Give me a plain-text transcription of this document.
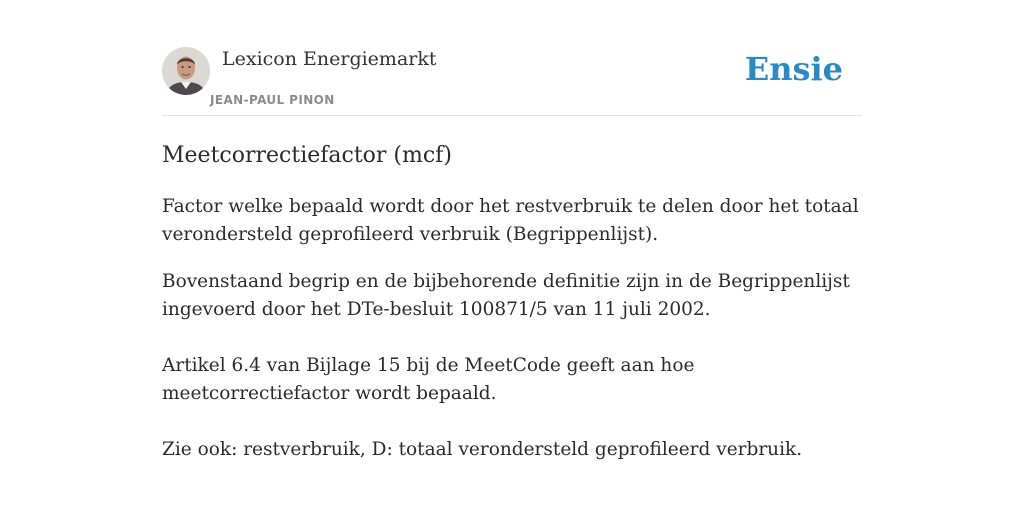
Lexicon Energiemarkt
JEAN-PAUL PINON
Ensie
Meetcorrectiefactor (mcf)

Factor welke bepaald wordt door het restverbruik te delen door het totaal verondersteld geprofileerd verbruik (Begrippenlijst).

Bovenstaand begrip en de bijbehorende definitie zijn in de Begrippenlijst ingevoerd door het DTe-besluit 100871/5 van 11 juli 2002.

Artikel 6.4 van Bijlage 15 bij de MeetCode geeft aan hoe meetcorrectiefactor wordt bepaald.

Zie ook: restverbruik, D: totaal verondersteld geprofileerd verbruik.
